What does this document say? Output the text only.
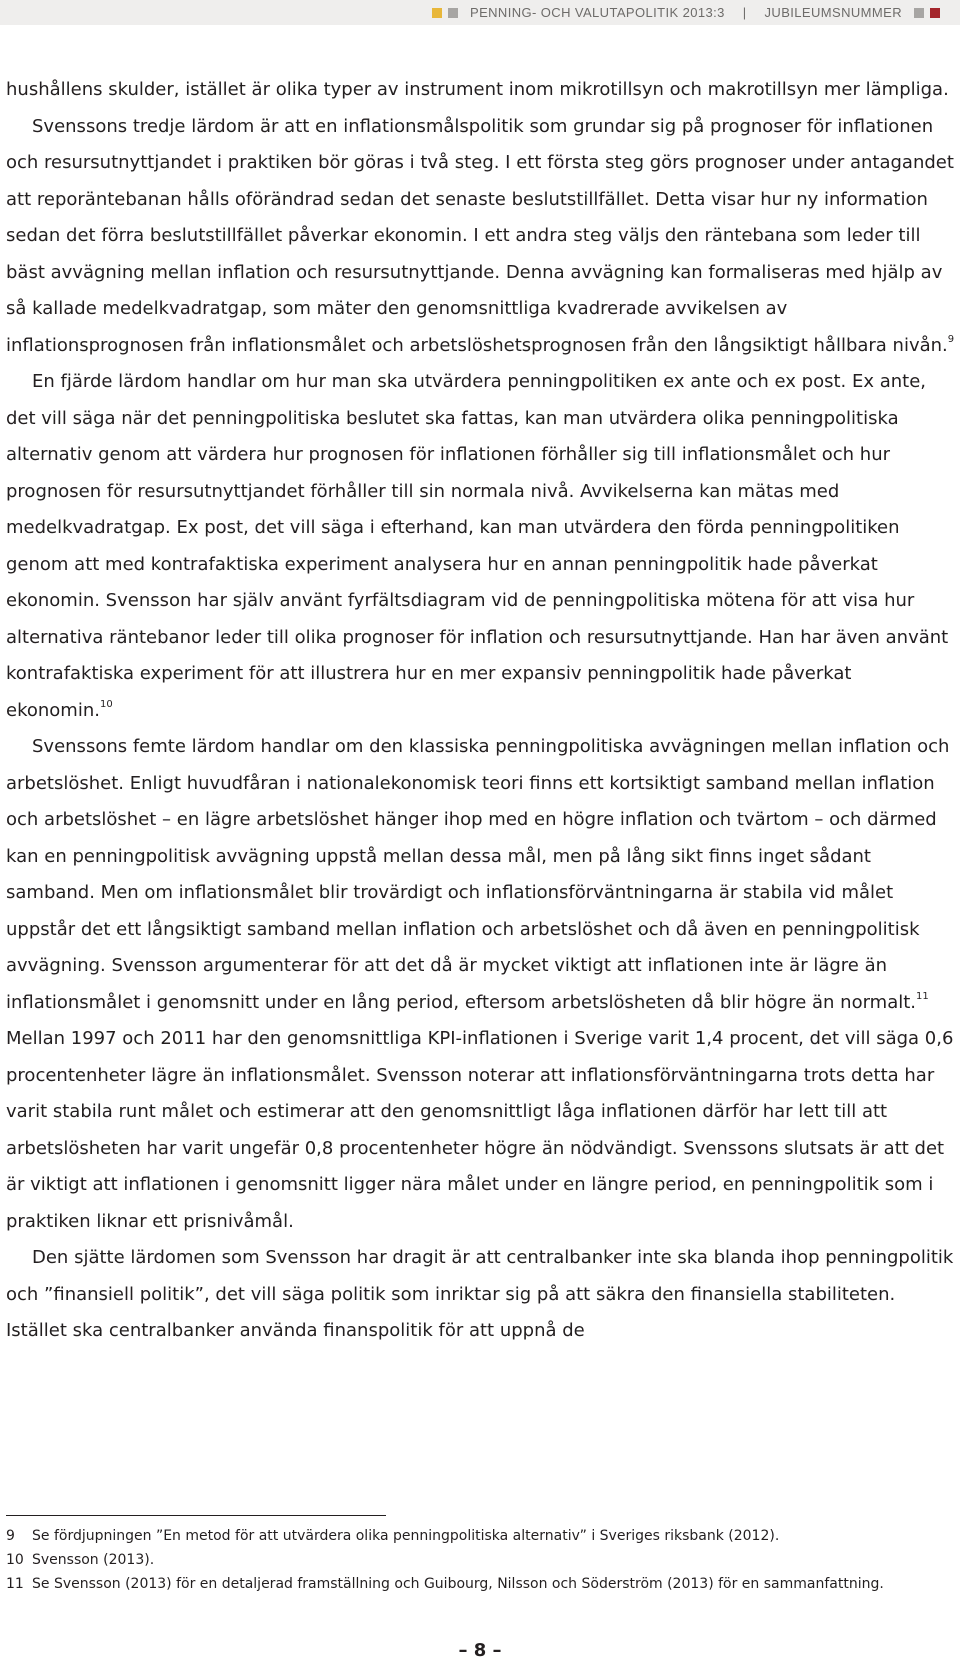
PENNING- OCH VALUTAPOLITIK 2013:3 | JUBILEUMSNUMMER

hushållens skulder, istället är olika typer av instrument inom mikrotillsyn och makrotillsyn mer lämpliga.

Svenssons tredje lärdom är att en inflationsmålspolitik som grundar sig på prognoser för inflationen och resursutnyttjandet i praktiken bör göras i två steg. I ett första steg görs prognoser under antagandet att reporäntebanan hålls oförändrad sedan det senaste beslutstillfället. Detta visar hur ny information sedan det förra beslutstillfället påverkar ekonomin. I ett andra steg väljs den räntebana som leder till bäst avvägning mellan inflation och resursutnyttjande. Denna avvägning kan formaliseras med hjälp av så kallade medelkvadratgap, som mäter den genomsnittliga kvadrerade avvikelsen av inflationsprognosen från inflationsmålet och arbetslöshetsprognosen från den långsiktigt hållbara nivån.$^9$

En fjärde lärdom handlar om hur man ska utvärdera penningpolitiken ex ante och ex post. Ex ante, det vill säga när det penningpolitiska beslutet ska fattas, kan man utvärdera olika penningpolitiska alternativ genom att värdera hur prognosen för inflationen förhåller sig till inflationsmålet och hur prognosen för resursutnyttjandet förhåller till sin normala nivå. Avvikelserna kan mätas med medelkvadratgap. Ex post, det vill säga i efterhand, kan man utvärdera den förda penningpolitiken genom att med kontrafaktiska experiment analysera hur en annan penningpolitik hade påverkat ekonomin. Svensson har själv använt fyrfältsdiagram vid de penningpolitiska mötena för att visa hur alternativa räntebanor leder till olika prognoser för inflation och resursutnyttjande. Han har även använt kontrafaktiska experiment för att illustrera hur en mer expansiv penningpolitik hade påverkat ekonomin.$^{10}$

Svenssons femte lärdom handlar om den klassiska penningpolitiska avvägningen mellan inflation och arbetslöshet. Enligt huvudfåran i nationalekonomisk teori finns ett kortsiktigt samband mellan inflation och arbetslöshet – en lägre arbetslöshet hänger ihop med en högre inflation och tvärtom – och därmed kan en penningpolitisk avvägning uppstå mellan dessa mål, men på lång sikt finns inget sådant samband. Men om inflationsmålet blir trovärdigt och inflationsförväntningarna är stabila vid målet uppstår det ett långsiktigt samband mellan inflation och arbetslöshet och då även en penningpolitisk avvägning. Svensson argumenterar för att det då är mycket viktigt att inflationen inte är lägre än inflationsmålet i genomsnitt under en lång period, eftersom arbetslösheten då blir högre än normalt.$^{11}$ Mellan 1997 och 2011 har den genomsnittliga KPI-inflationen i Sverige varit 1,4 procent, det vill säga 0,6 procentenheter lägre än inflationsmålet. Svensson noterar att inflationsförväntningarna trots detta har varit stabila runt målet och estimerar att den genomsnittligt låga inflationen därför har lett till att arbetslösheten har varit ungefär 0,8 procentenheter högre än nödvändigt. Svenssons slutsats är att det är viktigt att inflationen i genomsnitt ligger nära målet under en längre period, en penningpolitik som i praktiken liknar ett prisnivåmål.

Den sjätte lärdomen som Svensson har dragit är att centralbanker inte ska blanda ihop penningpolitik och ”finansiell politik”, det vill säga politik som inriktar sig på att säkra den finansiella stabiliteten. Istället ska centralbanker använda finanspolitik för att uppnå de

9	Se fördjupningen ”En metod för att utvärdera olika penningpolitiska alternativ” i Sveriges riksbank (2012).
10 Svensson (2013).
11 Se Svensson (2013) för en detaljerad framställning och Guibourg, Nilsson och Söderström (2013) för en sammanfattning.
– 8 –
